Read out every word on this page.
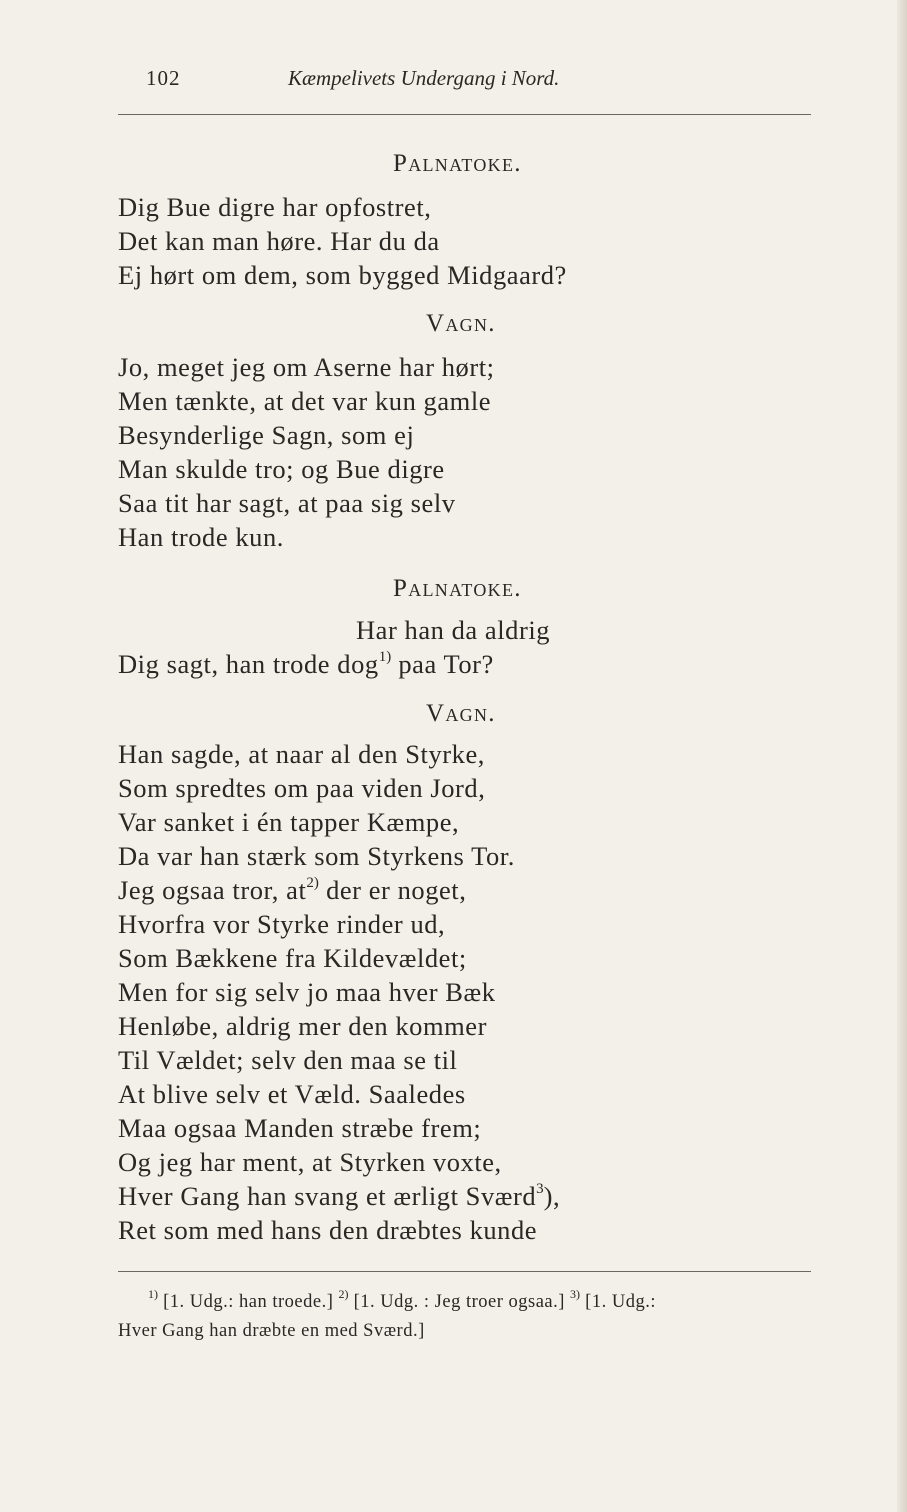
102	Kæmpelivets Undergang i Nord.
Palnatoke.
Dig Bue digre har opfostret,
Det kan man høre. Har du da
Ej hørt om dem, som bygged Midgaard?
Vagn.
Jo, meget jeg om Aserne har hørt;
Men tænkte, at det var kun gamle
Besynderlige Sagn, som ej
Man skulde tro; og Bue digre
Saa tit har sagt, at paa sig selv
Han trode kun.
Palnatoke.
Har han da aldrig
Dig sagt, han trode dog$^{1)}$ paa Tor?
Vagn.
Han sagde, at naar al den Styrke,
Som spredtes om paa viden Jord,
Var sanket i én tapper Kæmpe,
Da var han stærk som Styrkens Tor.
Jeg ogsaa tror, $at^{2)}$ der er noget,
Hvorfra vor Styrke rinder ud,
Som Bækkene fra Kildevældet;
Men for sig selv jo maa hver Bæk
Henløbe, aldrig mer den kommer
Til Vældet; selv den maa se til
At blive selv et Væld. Saaledes
Maa ogsaa Manden stræbe frem;
Og jeg har ment, at Styrken voxte,
Hver Gang han svang et ærligt Sværd$^3$),
Ret som med hans den dræbtes kunde
$^{1)}$ [1. Udg.: han troede.] $^{2)}$ [1. Udg. : Jeg troer ogsaa.] $^{3)}$ [1. Udg.:
Hver Gang han dræbte en med Sværd.]
